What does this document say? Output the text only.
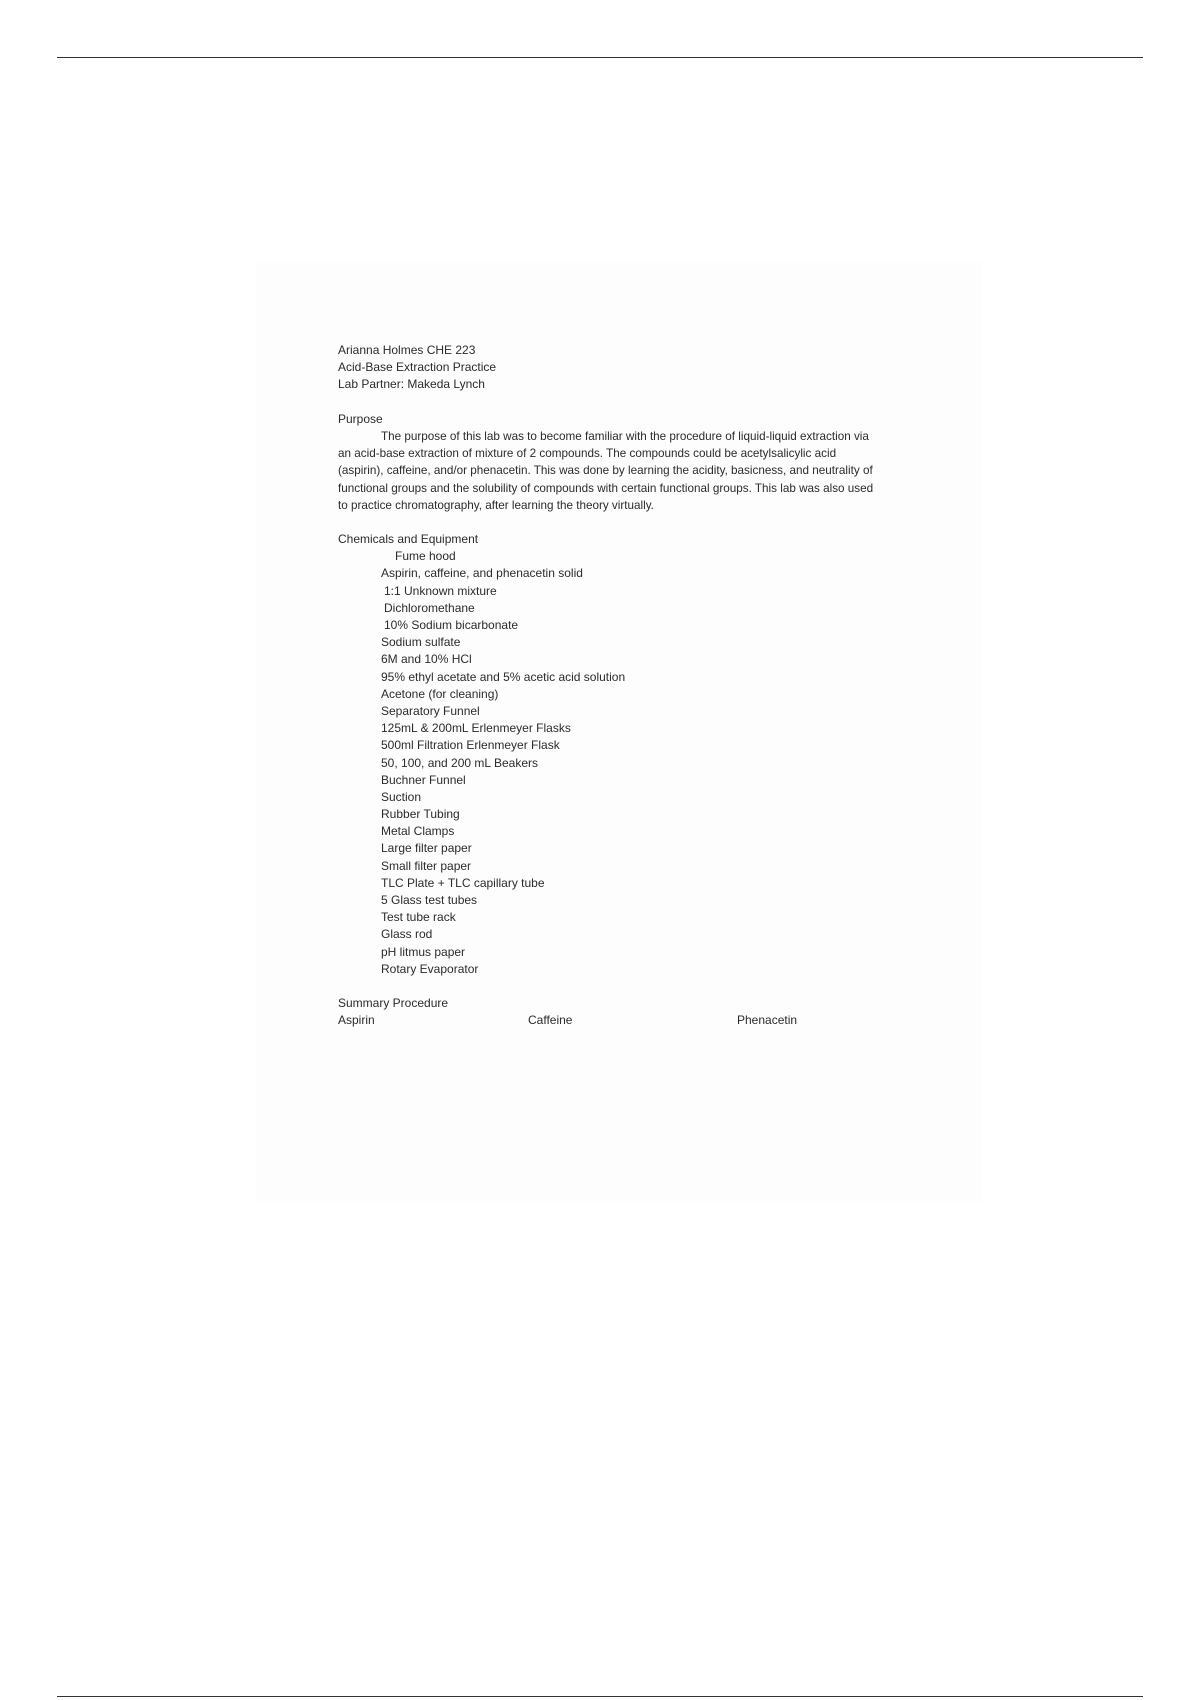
Arianna Holmes CHE 223
Acid-Base Extraction Practice
Lab Partner: Makeda Lynch
Purpose
The purpose of this lab was to become familiar with the procedure of liquid-liquid extraction via
an acid-base extraction of mixture of 2 compounds. The compounds could be acetylsalicylic acid
(aspirin), caffeine, and/or phenacetin. This was done by learning the acidity, basicness, and neutrality of
functional groups and the solubility of compounds with certain functional groups. This lab was also used
to practice chromatography, after learning the theory virtually.
Chemicals and Equipment
Fume hood
Aspirin, caffeine, and phenacetin solid
1:1 Unknown mixture
Dichloromethane
10% Sodium bicarbonate
Sodium sulfate
6M and 10% HCl
95% ethyl acetate and 5% acetic acid solution
Acetone (for cleaning)
Separatory Funnel
125mL & 200mL Erlenmeyer Flasks
500ml Filtration Erlenmeyer Flask
50, 100, and 200 mL Beakers
Buchner Funnel
Suction
Rubber Tubing
Metal Clamps
Large filter paper
Small filter paper
TLC Plate + TLC capillary tube
5 Glass test tubes
Test tube rack
Glass rod
pH litmus paper
Rotary Evaporator
Summary Procedure
Aspirin	Caffeine	Phenacetin
